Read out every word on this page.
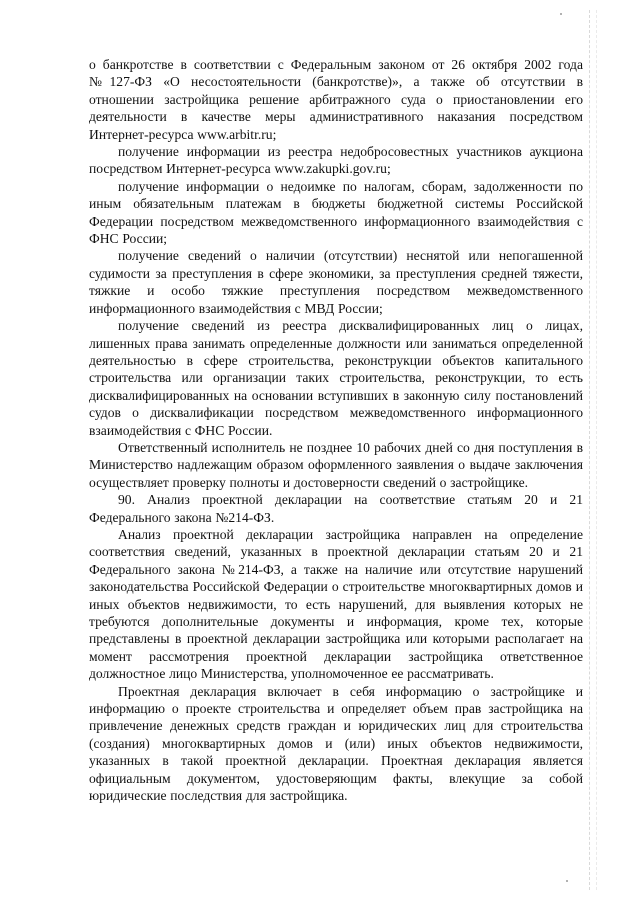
о банкротстве в соответствии с Федеральным законом от 26 октября 2002 года №127-ФЗ «О несостоятельности (банкротстве)», а также об отсутствии в отношении застройщика решение арбитражного суда о приостановлении его деятельности в качестве меры административного наказания посредством Интернет-ресурса www.arbitr.ru;

получение информации из реестра недобросовестных участников аукциона посредством Интернет-ресурса www.zakupki.gov.ru;

получение информации о недоимке по налогам, сборам, задолженности по иным обязательным платежам в бюджеты бюджетной системы Российской Федерации посредством межведомственного информационного взаимодействия с ФНС России;

получение сведений о наличии (отсутствии) неснятой или непогашенной судимости за преступления в сфере экономики, за преступления средней тяжести, тяжкие и особо тяжкие преступления посредством межведомственного информационного взаимодействия с МВД России;

получение сведений из реестра дисквалифицированных лиц о лицах, лишенных права занимать определенные должности или заниматься определенной деятельностью в сфере строительства, реконструкции объектов капитального строительства или организации таких строительства, реконструкции, то есть дисквалифицированных на основании вступивших в законную силу постановлений судов о дисквалификации посредством межведомственного информационного взаимодействия с ФНС России.

Ответственный исполнитель не позднее 10 рабочих дней со дня поступления в Министерство надлежащим образом оформленного заявления о выдаче заключения осуществляет проверку полноты и достоверности сведений о застройщике.

90. Анализ проектной декларации на соответствие статьям 20 и 21 Федерального закона №214-ФЗ.

Анализ проектной декларации застройщика направлен на определение соответствия сведений, указанных в проектной декларации статьям 20 и 21 Федерального закона №214-ФЗ, а также на наличие или отсутствие нарушений законодательства Российской Федерации о строительстве многоквартирных домов и иных объектов недвижимости, то есть нарушений, для выявления которых не требуются дополнительные документы и информация, кроме тех, которые представлены в проектной декларации застройщика или которыми располагает на момент рассмотрения проектной декларации застройщика ответственное должностное лицо Министерства, уполномоченное ее рассматривать.

Проектная декларация включает в себя информацию о застройщике и информацию о проекте строительства и определяет объем прав застройщика на привлечение денежных средств граждан и юридических лиц для строительства (создания) многоквартирных домов и (или) иных объектов недвижимости, указанных в такой проектной декларации. Проектная декларация является официальным документом, удостоверяющим факты, влекущие за собой юридические последствия для застройщика.
